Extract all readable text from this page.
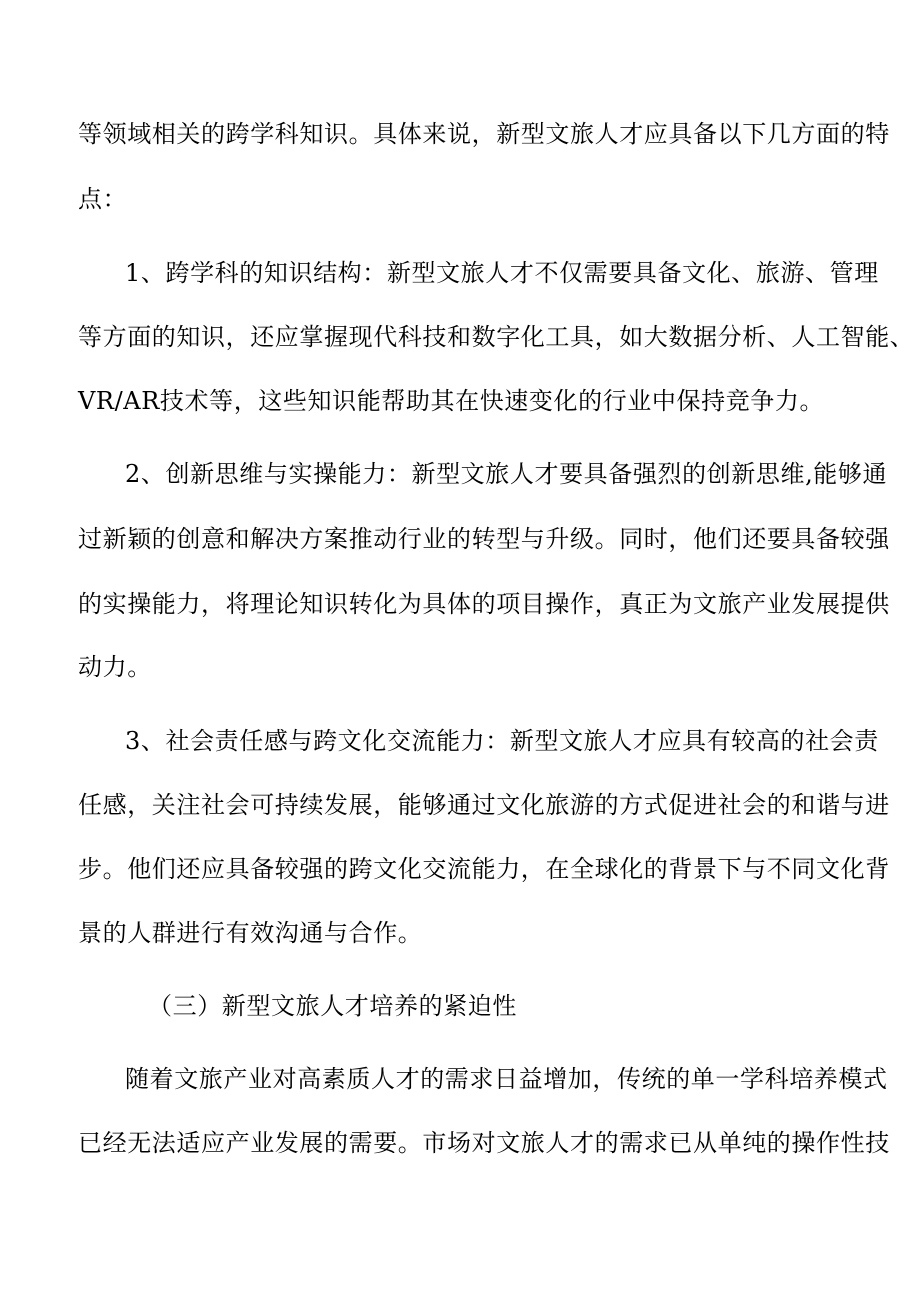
等领域相关的跨学科知识。具体来说，新型文旅人才应具备以下几方面的特
点：
1、跨学科的知识结构：新型文旅人才不仅需要具备文化、旅游、管理
等方面的知识，还应掌握现代科技和数字化工具，如大数据分析、人工智能、
VR/AR技术等，这些知识能帮助其在快速变化的行业中保持竞争力。
2、创新思维与实操能力：新型文旅人才要具备强烈的创新思维,能够通
过新颖的创意和解决方案推动行业的转型与升级。同时，他们还要具备较强
的实操能力，将理论知识转化为具体的项目操作，真正为文旅产业发展提供
动力。
3、社会责任感与跨文化交流能力：新型文旅人才应具有较高的社会责
任感，关注社会可持续发展，能够通过文化旅游的方式促进社会的和谐与进
步。他们还应具备较强的跨文化交流能力，在全球化的背景下与不同文化背
景的人群进行有效沟通与合作。
（三）新型文旅人才培养的紧迫性
随着文旅产业对高素质人才的需求日益增加，传统的单一学科培养模式
已经无法适应产业发展的需要。市场对文旅人才的需求已从单纯的操作性技
